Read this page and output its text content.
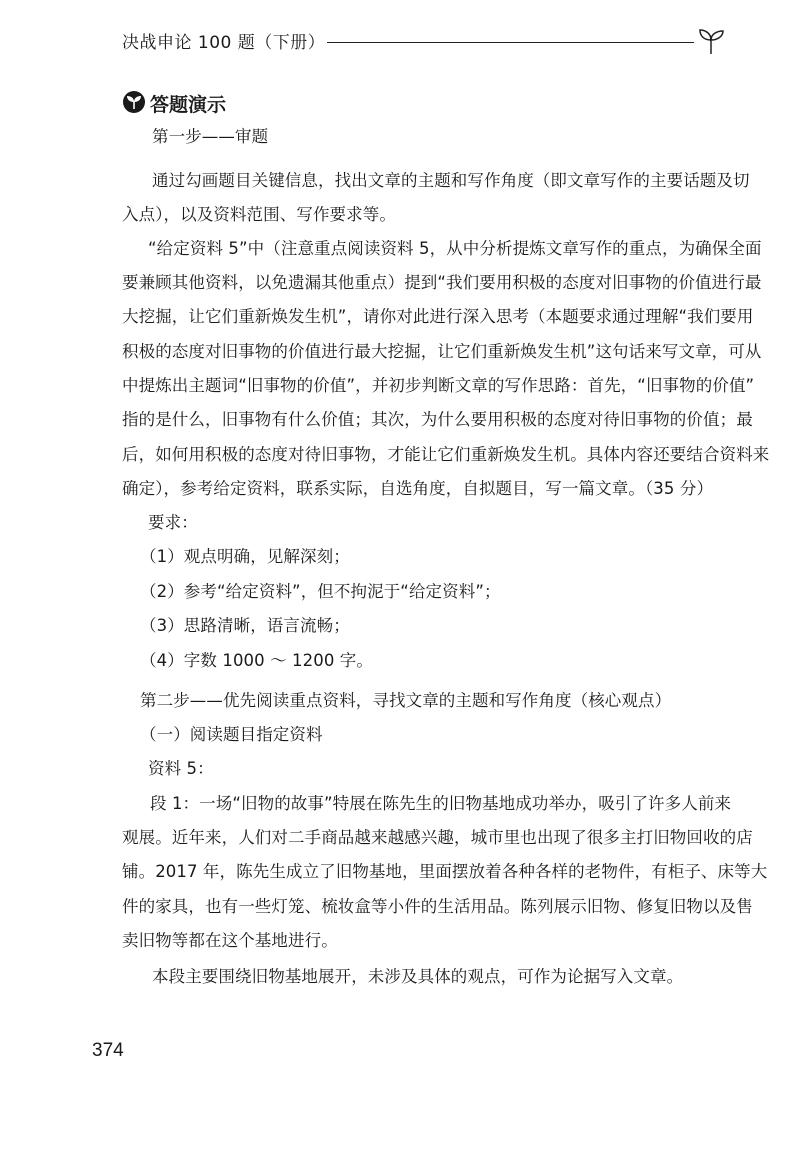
决战申论 100 题（下册）
答题演示
第一步——审题
通过勾画题目关键信息，找出文章的主题和写作角度（即文章写作的主要话题及切
入点），以及资料范围、写作要求等。
“给定资料 5”中（注意重点阅读资料 5，从中分析提炼文章写作的重点，为确保全面
要兼顾其他资料，以免遗漏其他重点）提到“我们要用积极的态度对旧事物的价值进行最
大挖掘，让它们重新焕发生机”，请你对此进行深入思考（本题要求通过理解“我们要用
积极的态度对旧事物的价值进行最大挖掘，让它们重新焕发生机”这句话来写文章，可从
中提炼出主题词“旧事物的价值”，并初步判断文章的写作思路：首先，“旧事物的价值”
指的是什么，旧事物有什么价值；其次，为什么要用积极的态度对待旧事物的价值；最
后，如何用积极的态度对待旧事物，才能让它们重新焕发生机。具体内容还要结合资料来
确定），参考给定资料，联系实际，自选角度，自拟题目，写一篇文章。（35 分）
要求：
（1）观点明确，见解深刻；
（2）参考“给定资料”，但不拘泥于“给定资料”；
（3）思路清晰，语言流畅；
（4）字数 1000 ～ 1200 字。
第二步——优先阅读重点资料，寻找文章的主题和写作角度（核心观点）
（一）阅读题目指定资料
资料 5：
段 1：一场“旧物的故事”特展在陈先生的旧物基地成功举办，吸引了许多人前来
观展。近年来，人们对二手商品越来越感兴趣，城市里也出现了很多主打旧物回收的店
铺。2017 年，陈先生成立了旧物基地，里面摆放着各种各样的老物件，有柜子、床等大
件的家具，也有一些灯笼、梳妆盒等小件的生活用品。陈列展示旧物、修复旧物以及售
卖旧物等都在这个基地进行。
本段主要围绕旧物基地展开，未涉及具体的观点，可作为论据写入文章。
374
